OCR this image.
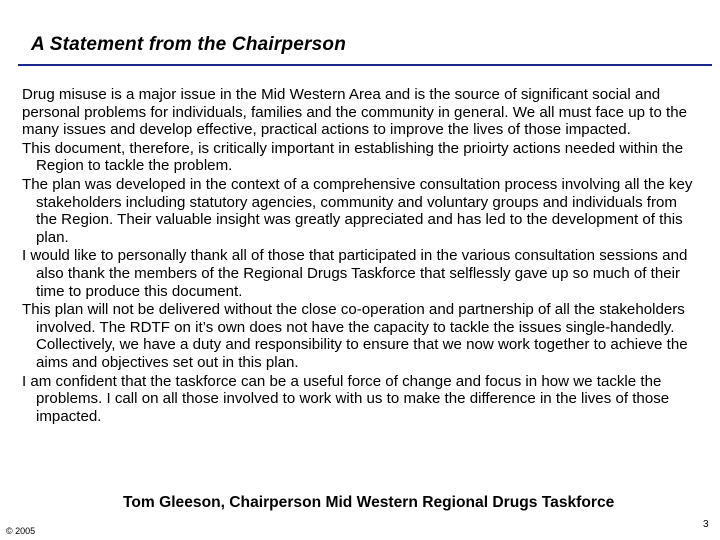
A Statement from the Chairperson

Drug misuse is a major issue in the Mid Western Area and is the source of significant social and personal problems for individuals, families and the community in general. We all must face up to the many issues and develop effective, practical actions to improve the lives of those impacted.

This document, therefore, is critically important in establishing the prioirty actions needed within the Region to tackle the problem.

The plan was developed in the context of a comprehensive consultation process involving all the key stakeholders including statutory agencies, community and voluntary groups and individuals from the Region. Their valuable insight was greatly appreciated and has led to the development of this plan.

I would like to personally thank all of those that participated in the various consultation sessions and also thank the members of the Regional Drugs Taskforce that selflessly gave up so much of their time to produce this document.

This plan will not be delivered without the close co-operation and partnership of all the stakeholders involved. The RDTF on it’s own does not have the capacity to tackle the issues single-handedly. Collectively, we have a duty and responsibility to ensure that we now work together to achieve the aims and objectives set out in this plan.

I am confident that the taskforce can be a useful force of change and focus in how we tackle the problems. I call on all those involved to work with us to make the difference in the lives of those impacted.

Tom Gleeson, Chairperson Mid Western Regional Drugs Taskforce
© 2005
3
